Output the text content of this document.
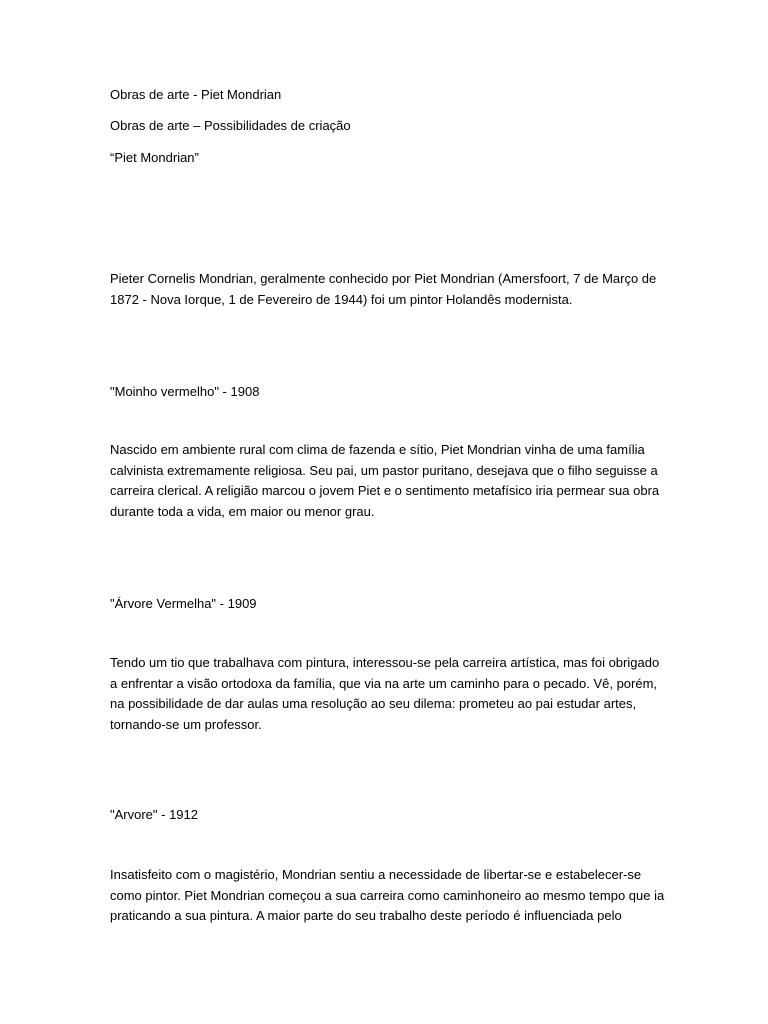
Obras de arte - Piet Mondrian
Obras de arte – Possibilidades de criação
“Piet Mondrian”
Pieter Cornelis Mondrian, geralmente conhecido por Piet Mondrian (Amersfoort, 7 de Março de 1872 - Nova Iorque, 1 de Fevereiro de 1944) foi um pintor Holandês modernista.
"Moinho vermelho" - 1908
Nascido em ambiente rural com clima de fazenda e sítio, Piet Mondrian vinha de uma família calvinista extremamente religiosa. Seu pai, um pastor puritano, desejava que o filho seguisse a carreira clerical. A religião marcou o jovem Piet e o sentimento metafísico iria permear sua obra durante toda a vida, em maior ou menor grau.
"Árvore Vermelha" - 1909
Tendo um tio que trabalhava com pintura, interessou-se pela carreira artística, mas foi obrigado a enfrentar a visão ortodoxa da família, que via na arte um caminho para o pecado. Vê, porém, na possibilidade de dar aulas uma resolução ao seu dilema: prometeu ao pai estudar artes, tornando-se um professor.
"Arvore" - 1912
Insatisfeito com o magistério, Mondrian sentiu a necessidade de libertar-se e estabelecer-se como pintor. Piet Mondrian começou a sua carreira como caminhoneiro ao mesmo tempo que ia praticando a sua pintura. A maior parte do seu trabalho deste período é influenciada pelo
